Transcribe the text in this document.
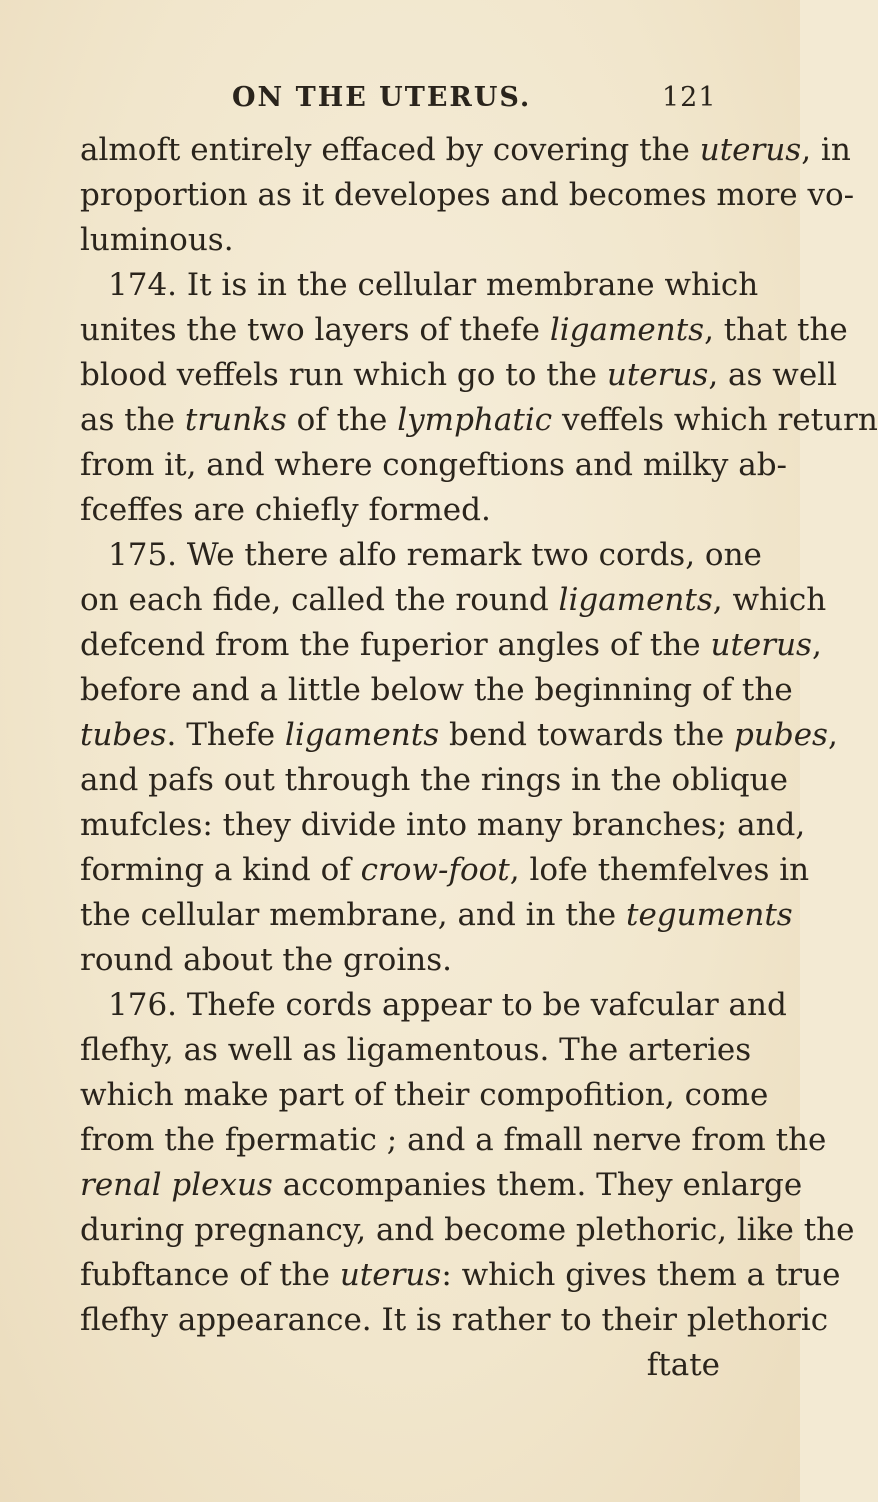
ON THE UTERUS.	121
almoft entirely effaced by covering the uterus, in
proportion as it developes and becomes more vo-
luminous.
174. It is in the cellular membrane which
unites the two layers of thefe ligaments, that the
blood veffels run which go to the uterus, as well
as the trunks of the lymphatic veffels which return
from it, and where congeftions and milky ab-
fceffes are chiefly formed.
175. We there alfo remark two cords, one
on each fide, called the round ligaments, which
defcend from the fuperior angles of the uterus,
before and a little below the beginning of the
tubes. Thefe ligaments bend towards the pubes,
and pafs out through the rings in the oblique
mufcles: they divide into many branches; and,
forming a kind of crow-foot, lofe themfelves in
the cellular membrane, and in the teguments
round about the groins.
176. Thefe cords appear to be vafcular and
flefhy, as well as ligamentous. The arteries
which make part of their compofition, come
from the fpermatic ; and a fmall nerve from the
renal plexus accompanies them. They enlarge
during pregnancy, and become plethoric, like the
fubftance of the uterus: which gives them a true
flefhy appearance. It is rather to their plethoric
ftate
